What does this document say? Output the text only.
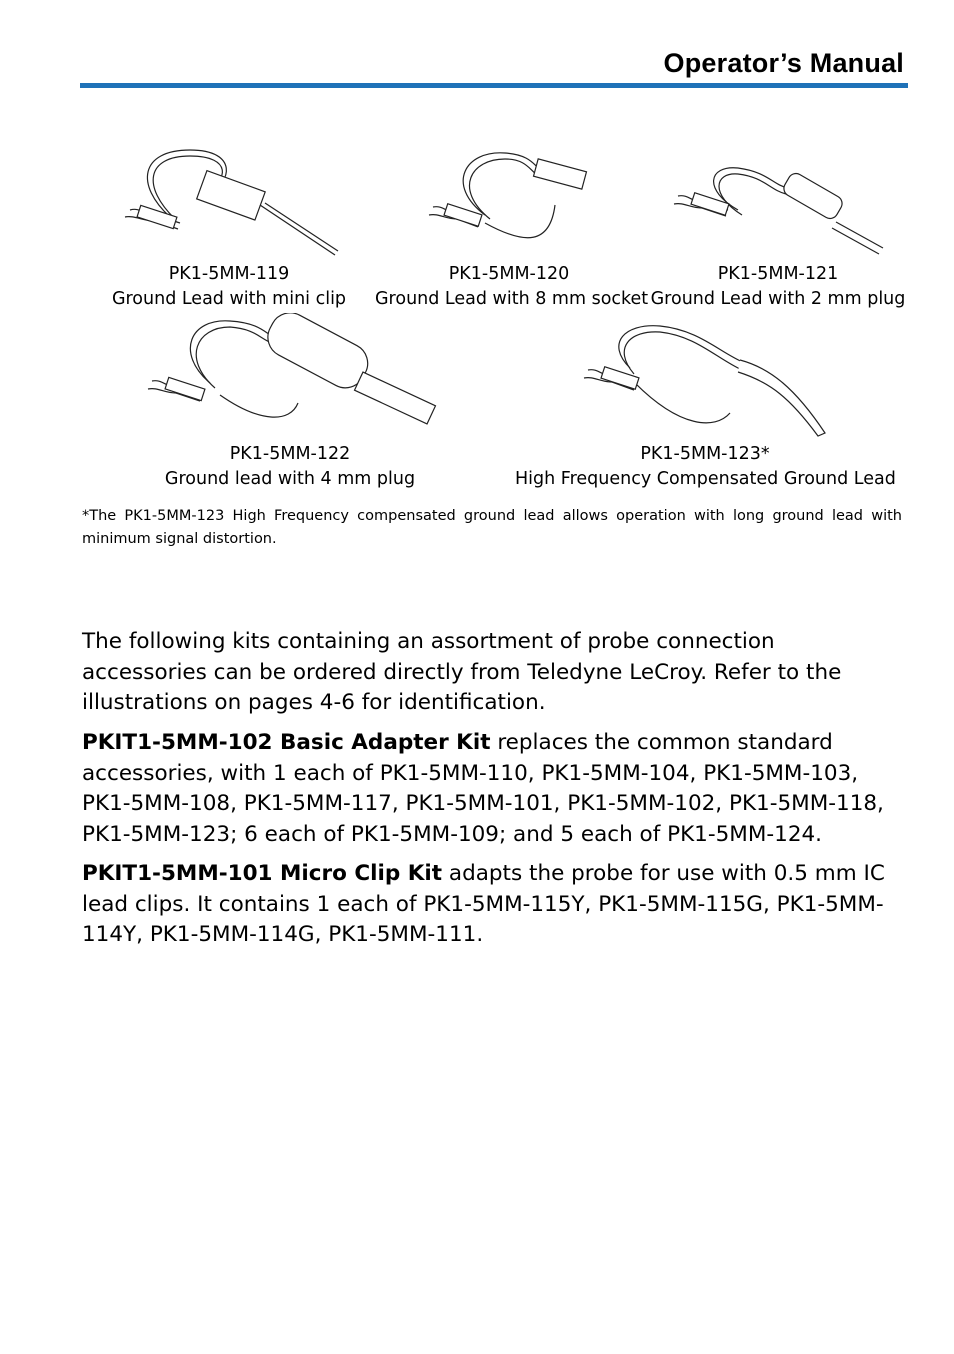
Operator’s Manual
PK1-5MM-119
Ground Lead with mini clip
PK1-5MM-120
Ground Lead with 8 mm socket
PK1-5MM-121
Ground Lead with 2 mm plug
PK1-5MM-122
Ground lead with 4 mm plug
PK1-5MM-123*
High Frequency Compensated Ground Lead
*The PK1-5MM-123 High Frequency compensated ground lead allows operation with long ground lead with minimum signal distortion.
The following kits containing an assortment of probe connection accessories can be ordered directly from Teledyne LeCroy. Refer to the illustrations on pages 4-6 for identification.
PKIT1-5MM-102 Basic Adapter Kit replaces the common standard accessories, with 1 each of PK1-5MM-110, PK1-5MM-104, PK1-5MM-103, PK1-5MM-108, PK1-5MM-117, PK1-5MM-101, PK1-5MM-102, PK1-5MM-118, PK1-5MM-123; 6 each of PK1-5MM-109; and 5 each of PK1-5MM-124.
PKIT1-5MM-101 Micro Clip Kit adapts the probe for use with 0.5 mm IC lead clips. It contains 1 each of PK1-5MM-115Y, PK1-5MM-115G, PK1-5MM-114Y, PK1-5MM-114G, PK1-5MM-111.
